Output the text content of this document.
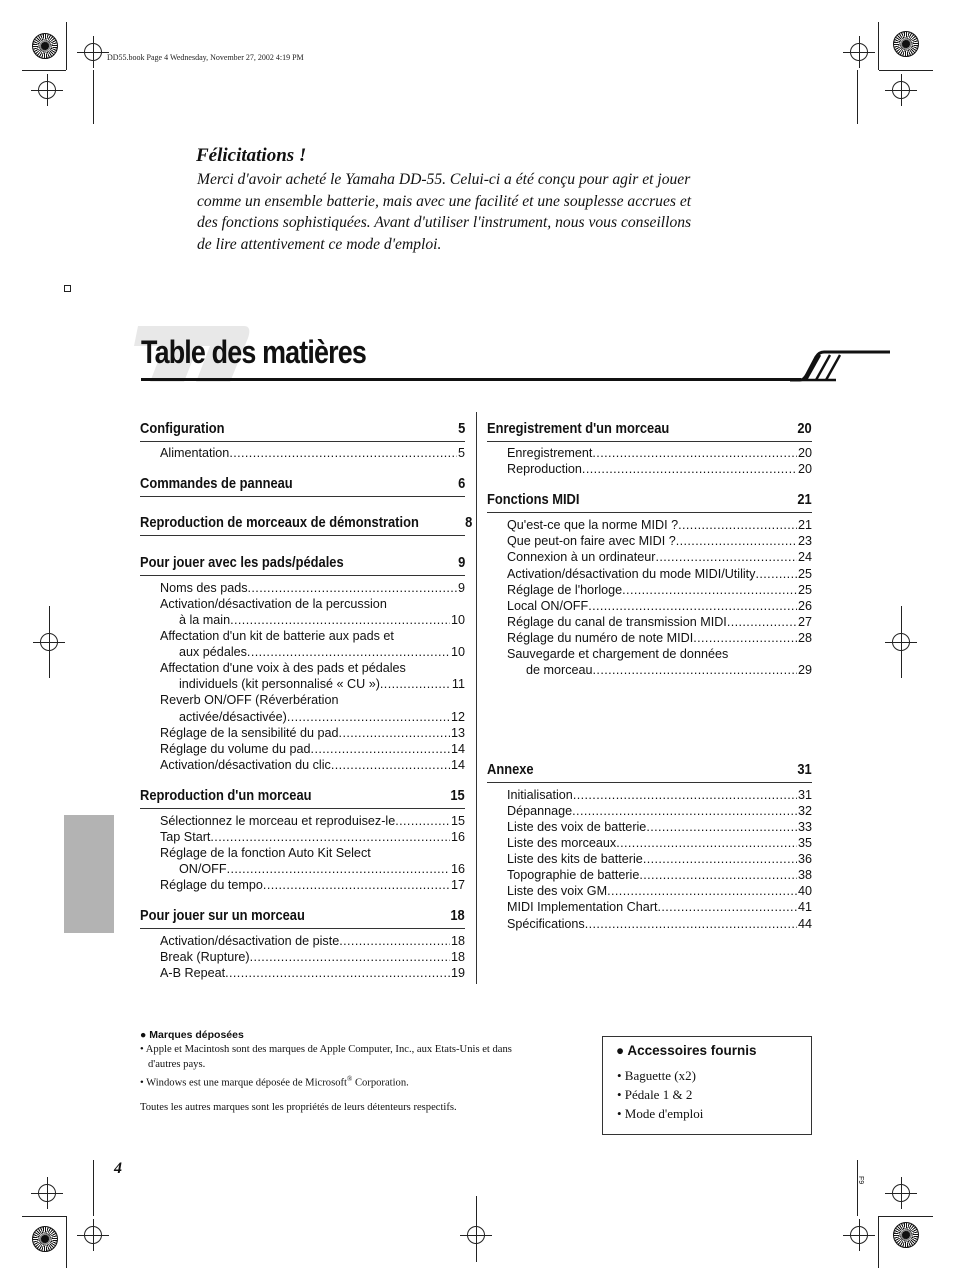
DD55.book Page 4 Wednesday, November 27, 2002 4:19 PM
Félicitations !
Merci d'avoir acheté le Yamaha DD-55. Celui-ci a été conçu pour agir et jouer
comme un ensemble batterie, mais avec une facilité et une souplesse accrues et
des fonctions sophistiquées. Avant d'utiliser l'instrument, nous vous conseillons
de lire attentivement ce mode d'emploi.
Table des matières
Configuration	5
Alimentation .....	5
Commandes de panneau	6
Reproduction de morceaux de démonstration	8
Pour jouer avec les pads/pédales	9
Noms des pads .....	9
Activation/désactivation de la percussion
à la main .....	10
Affectation d'un kit de batterie aux pads et
aux pédales .....	10
Affectation d'une voix à des pads et pédales
individuels (kit personnalisé « CU ») .....	11
Reverb ON/OFF (Réverbération
activée/désactivée) .....	12
Réglage de la sensibilité du pad .....	13
Réglage du volume du pad .....	14
Activation/désactivation du clic .....	14
Reproduction d'un morceau	15
Sélectionnez le morceau et reproduisez-le .....	15
Tap Start .....	16
Réglage de la fonction Auto Kit Select
ON/OFF .....	16
Réglage du tempo .....	17
Pour jouer sur un morceau	18
Activation/désactivation de piste .....	18
Break (Rupture) .....	18
A-B Repeat .....	19
Enregistrement d'un morceau	20
Enregistrement .....	20
Reproduction .....	20
Fonctions MIDI	21
Qu'est-ce que la norme MIDI ? .....	21
Que peut-on faire avec MIDI ? .....	23
Connexion à un ordinateur .....	24
Activation/désactivation du mode MIDI/Utility .....	25
Réglage de l'horloge .....	25
Local ON/OFF .....	26
Réglage du canal de transmission MIDI .....	27
Réglage du numéro de note MIDI .....	28
Sauvegarde et chargement de données
de morceau .....	29
Annexe	31
Initialisation .....	31
Dépannage .....	32
Liste des voix de batterie .....	33
Liste des morceaux .....	35
Liste des kits de batterie .....	36
Topographie de batterie .....	38
Liste des voix GM .....	40
MIDI Implementation Chart .....	41
Spécifications .....	44
● Marques déposées
• Apple et Macintosh sont des marques de Apple Computer, Inc., aux Etats-Unis et dans
d'autres pays.
• Windows est une marque déposée de Microsoft® Corporation.
Toutes les autres marques sont les propriétés de leurs détenteurs respectifs.
● Accessoires fournis
• Baguette (x2)
• Pédale 1 & 2
• Mode d'emploi
4
F9
